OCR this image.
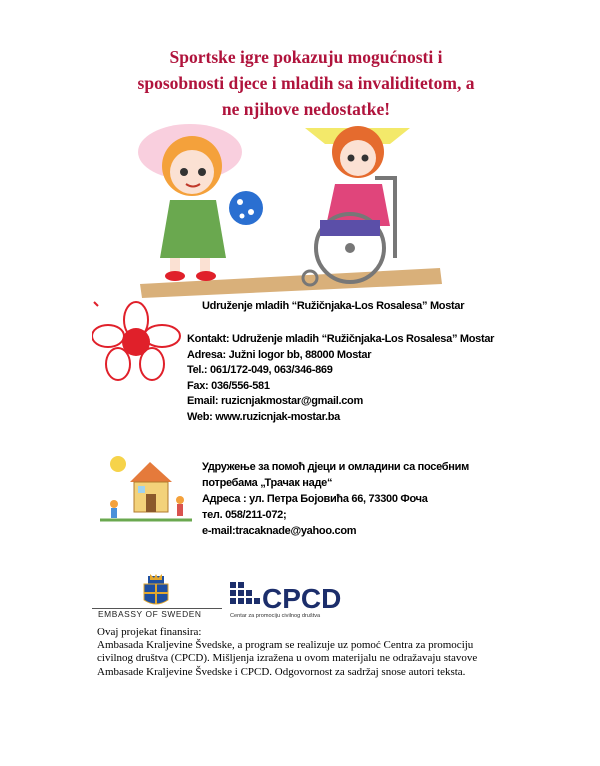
Sportske igre pokazuju mogućnosti i
sposobnosti djece i mladih sa invaliditetom, a
ne njihove nedostatke!
Udruženje mladih “Ružičnjaka-Los Rosalesa” Mostar
Kontakt: Udruženje mladih “Ružičnjaka-Los Rosalesa” Mostar
Adresa: Južni logor bb, 88000 Mostar
Tel.: 061/172-049, 063/346-869
Fax: 036/556-581
Email: ruzicnjakmostar@gmail.com
Web: www.ruzicnjak-mostar.ba
Удружење за помоћ дјеци и омладини са посебним
потребама „Трачак наде“
Адреса : ул. Петра Бојовића 66, 73300 Фоча
тел. 058/211-072;
e-mail:tracaknade@yahoo.com
EMBASSY OF SWEDEN CPCD
Centar za promociju civilnog društva
Ovaj projekat finansira:
Ambasada Kraljevine Švedske, a program se realizuje uz pomoć Centra za promociju
civilnog društva (CPCD). Mišljenja izražena u ovom materijalu ne odražavaju stavove
Ambasade Kraljevine Švedske i CPCD. Odgovornost za sadržaj snose autori teksta.
